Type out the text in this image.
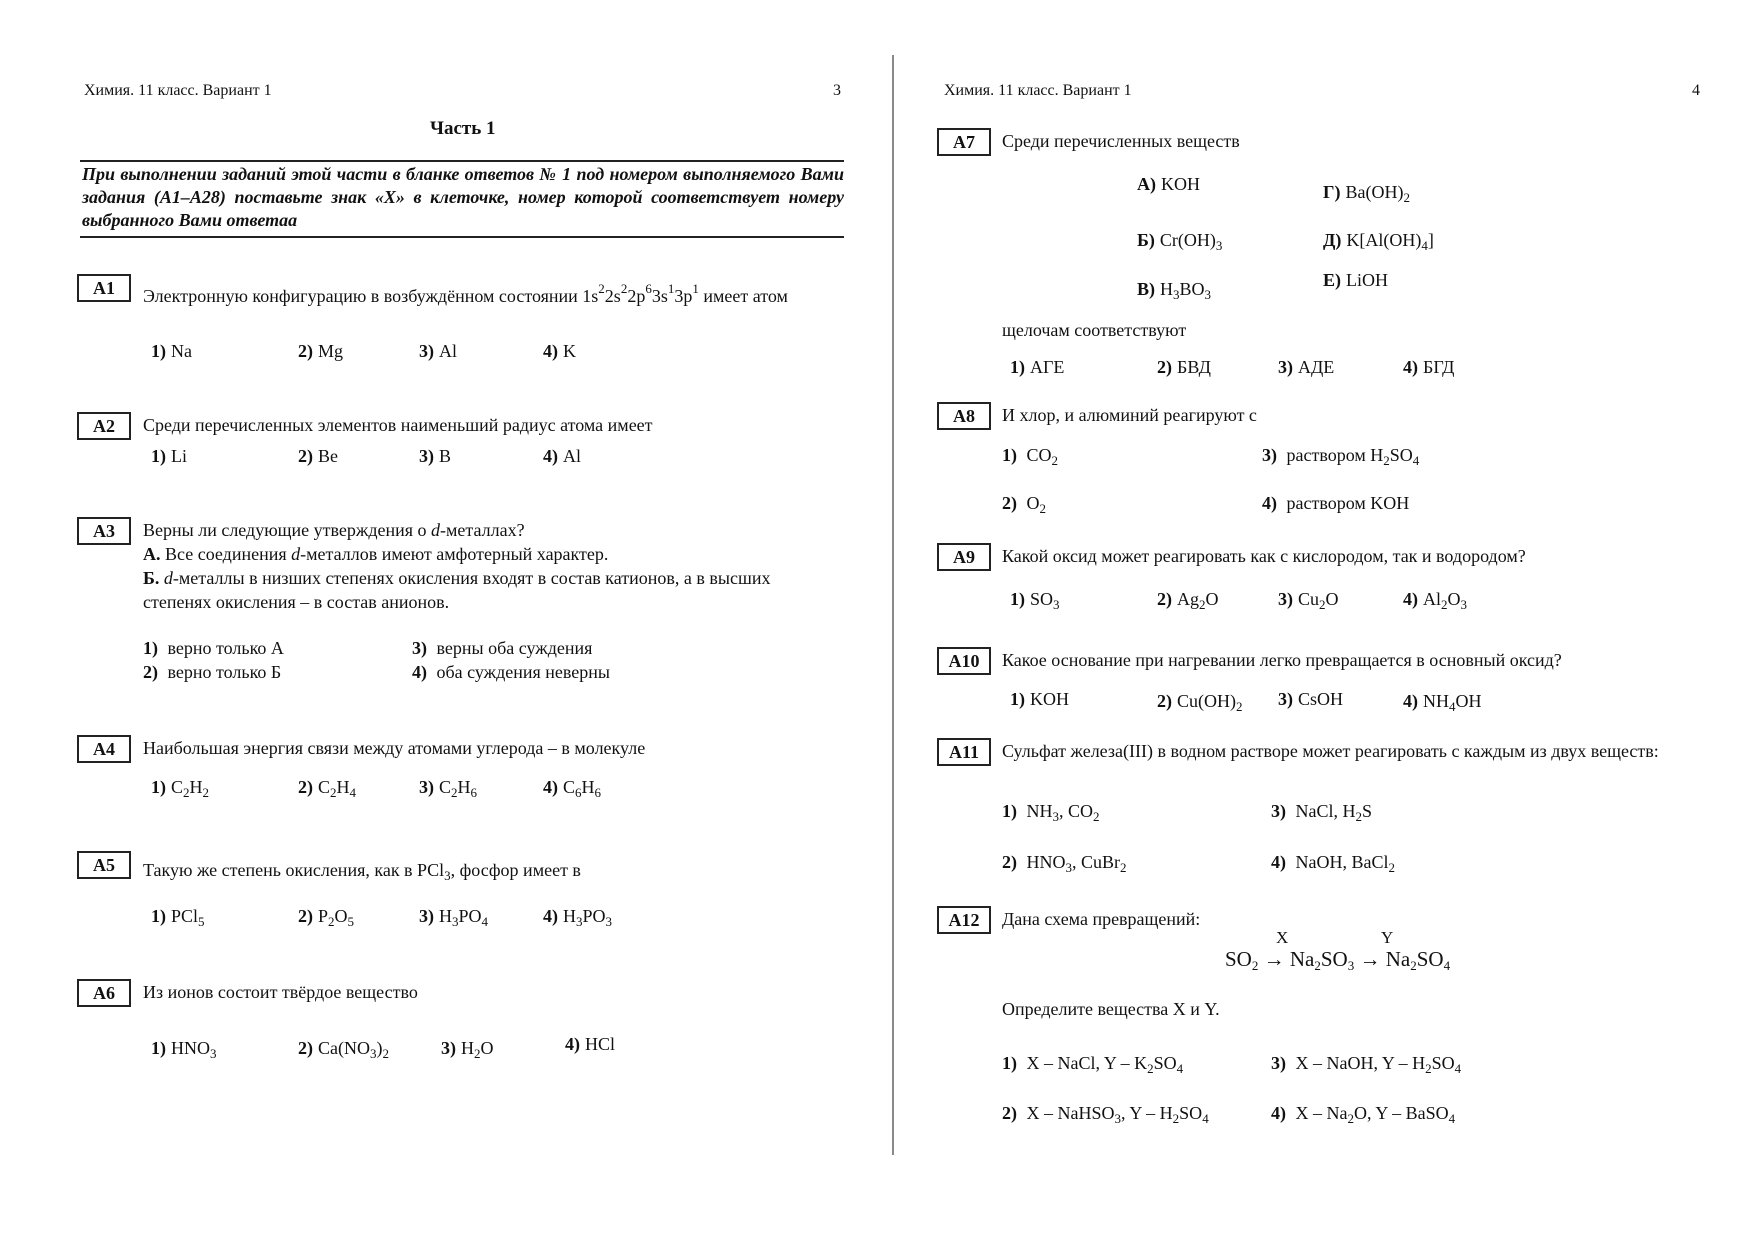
Химия. 11 класс. Вариант 1	3
Часть 1
При выполнении заданий этой части в бланке ответов № 1 под номером выполняемого Вами задания (А1–А28) поставьте знак «X» в клеточке, номер которой соответствует номеру выбранного Вами ответаа
А1	Электронную конфигурацию в возбуждённом состоянии $1s^22s^22p^63s^13p^1$ имеет атом
1) Na	2) Mg	3) Al	4) K
А2	Среди перечисленных элементов наименьший радиус атома имеет
1) Li	2) Be	3) B	4) Al
А3	Верны ли следующие утверждения о d-металлах?
А. Все соединения d-металлов имеют амфотерный характер.
Б. d-металлы в низших степенях окисления входят в состав катионов, а в высших степенях окисления – в состав анионов.
1) верно только А
2) верно только Б
3) верны оба суждения
4) оба суждения неверны
А4	Наибольшая энергия связи между атомами углерода – в молекуле
1) $C_2H_2$	2) $C_2H_4$	3) $C_2H_6$	4) $C_6H_6$
А5	Такую же степень окисления, как в PCl$_3$, фосфор имеет в
1) PCl$_5$	2) $P_2O_5$	3) $H_3PO_4$	4) $H_3PO_3$
А6	Из ионов состоит твёрдое вещество
1) $HNO_3$	2) $Ca(NO_3)_2$	3) $H_2O$	4) HCl
Химия. 11 класс. Вариант 1	4
А7	Среди перечисленных веществ
А) KOH
Б) $Cr(OH)_3$
В) $H_3BO_3$
Г) $Ba(OH)_2$
Д) $K[Al(OH)_4]$
Е) LiOH
щелочам соответствуют
1) АГЕ	2) БВД	3) АДЕ	4) БГД
А8	И хлор, и алюминий реагируют с
1) $CO_2$
2) $O_2$
3) раствором $H_2SO_4$
4) раствором KOH
А9	Какой оксид может реагировать как с кислородом, так и водородом?
1) $SO_3$	2) $Ag_2O$	3) $Cu_2O$	4) $Al_2O_3$
А10	Какое основание при нагревании легко превращается в основный оксид?
1) KOH	2) $Cu(OH)_2$ 3) CsOH	4) $NH_4OH$
А11	Сульфат железа(III) в водном растворе может реагировать с каждым из двух веществ:
1) $NH_3$, $CO_2$
2) $HNO_3$, CuBr$_2$
3) NaCl, $H_2S$
4) NaOH, BaCl$_2$
А12	Дана схема превращений:
X	Y
$SO_2 \to Na_2SO_3 \to Na_2SO_4$
Определите вещества X и Y.
1) X – NaCl, Y – $K_2SO_4$
2) X – NaHSO$_3$, Y – $H_2SO_4$
3) X – NaOH, Y – $H_2SO_4$
4) X – $Na_2O$, Y – BaSO$_4$
